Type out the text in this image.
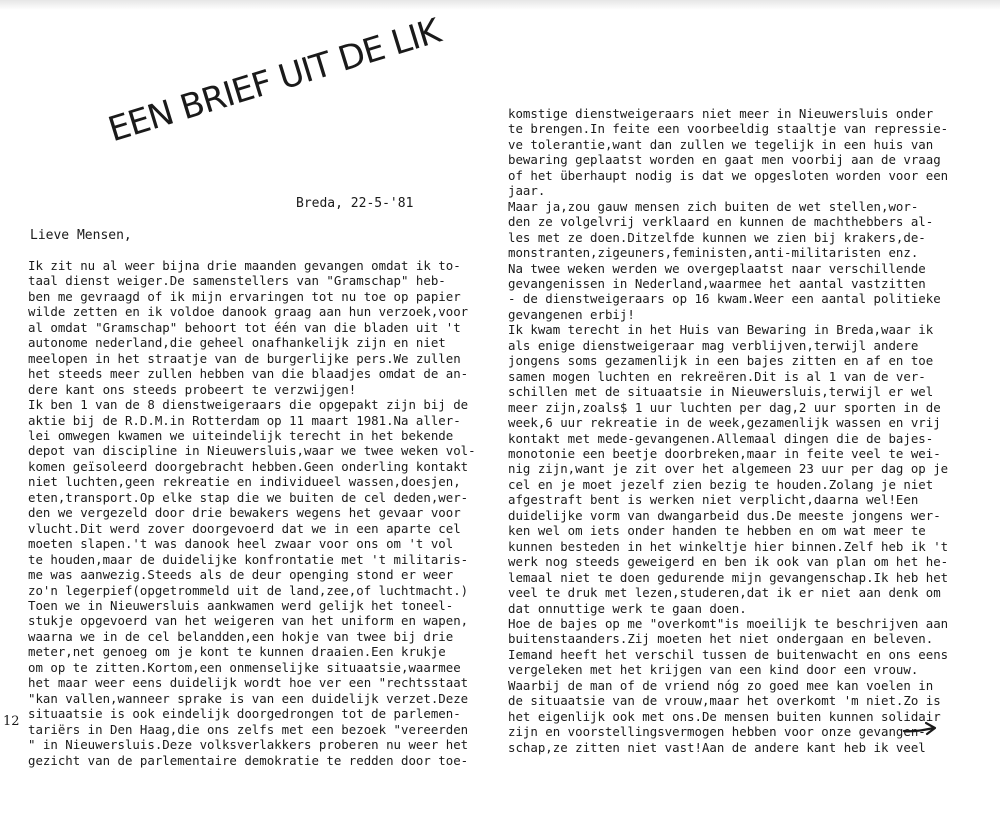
EEN BRIEF UIT DE LIK
Breda, 22-5-'81
Lieve Mensen,
Ik zit nu al weer bijna drie maanden gevangen omdat ik to-
taal dienst weiger.De samenstellers van "Gramschap" heb-
ben me gevraagd of ik mijn ervaringen tot nu toe op papier
wilde zetten en ik voldoe danook graag aan hun verzoek,voor
al omdat "Gramschap" behoort tot één van die bladen uit 't
autonome nederland,die geheel onafhankelijk zijn en niet
meelopen in het straatje van de burgerlijke pers.We zullen
het steeds meer zullen hebben van die blaadjes omdat de an-
dere kant ons steeds probeert te verzwijgen!
Ik ben 1 van de 8 dienstweigeraars die opgepakt zijn bij de
aktie bij de R.D.M.in Rotterdam op 11 maart 1981.Na aller-
lei omwegen kwamen we uiteindelijk terecht in het bekende
depot van discipline in Nieuwersluis,waar we twee weken vol-
komen geïsoleerd doorgebracht hebben.Geen onderling kontakt
niet luchten,geen rekreatie en individueel wassen,doesjen,
eten,transport.Op elke stap die we buiten de cel deden,wer-
den we vergezeld door drie bewakers wegens het gevaar voor
vlucht.Dit werd zover doorgevoerd dat we in een aparte cel
moeten slapen.'t was danook heel zwaar voor ons om 't vol
te houden,maar de duidelijke konfrontatie met 't militaris-
me was aanwezig.Steeds als de deur openging stond er weer
zo'n legerpief(opgetrommeld uit de land,zee,of luchtmacht.)
Toen we in Nieuwersluis aankwamen werd gelijk het toneel-
stukje opgevoerd van het weigeren van het uniform en wapen,
waarna we in de cel belandden,een hokje van twee bij drie
meter,net genoeg om je kont te kunnen draaien.Een krukje
om op te zitten.Kortom,een onmenselijke situaatsie,waarmee
het maar weer eens duidelijk wordt hoe ver een "rechtsstaat
"kan vallen,wanneer sprake is van een duidelijk verzet.Deze
situaatsie is ook eindelijk doorgedrongen tot de parlemen-
tariërs in Den Haag,die ons zelfs met een bezoek "vereerden
" in Nieuwersluis.Deze volksverlakkers proberen nu weer het
gezicht van de parlementaire demokratie te redden door toe-
komstige dienstweigeraars niet meer in Nieuwersluis onder
te brengen.In feite een voorbeeldig staaltje van repressie-
ve tolerantie,want dan zullen we tegelijk in een huis van
bewaring geplaatst worden en gaat men voorbij aan de vraag
of het überhaupt nodig is dat we opgesloten worden voor een
jaar.
Maar ja,zou gauw mensen zich buiten de wet stellen,wor-
den ze volgelvrij verklaard en kunnen de machthebbers al-
les met ze doen.Ditzelfde kunnen we zien bij krakers,de-
monstranten,zigeuners,feministen,anti-militaristen enz.
Na twee weken werden we overgeplaatst naar verschillende
gevangenissen in Nederland,waarmee het aantal vastzitten
- de dienstweigeraars op 16 kwam.Weer een aantal politieke
gevangenen erbij!
Ik kwam terecht in het Huis van Bewaring in Breda,waar ik
als enige dienstweigeraar mag verblijven,terwijl andere
jongens soms gezamenlijk in een bajes zitten en af en toe
samen mogen luchten en rekreëren.Dit is al 1 van de ver-
schillen met de situaatsie in Nieuwersluis,terwijl er wel
meer zijn,zoals$ 1 uur luchten per dag,2 uur sporten in de
week,6 uur rekreatie in de week,gezamenlijk wassen en vrij
kontakt met mede-gevangenen.Allemaal dingen die de bajes-
monotonie een beetje doorbreken,maar in feite veel te wei-
nig zijn,want je zit over het algemeen 23 uur per dag op je
cel en je moet jezelf zien bezig te houden.Zolang je niet
afgestraft bent is werken niet verplicht,daarna wel!Een
duidelijke vorm van dwangarbeid dus.De meeste jongens wer-
ken wel om iets onder handen te hebben en om wat meer te
kunnen besteden in het winkeltje hier binnen.Zelf heb ik 't
werk nog steeds geweigerd en ben ik ook van plan om het he-
lemaal niet te doen gedurende mijn gevangenschap.Ik heb het
veel te druk met lezen,studeren,dat ik er niet aan denk om
dat onnuttige werk te gaan doen.
Hoe de bajes op me "overkomt"is moeilijk te beschrijven aan
buitenstaanders.Zij moeten het niet ondergaan en beleven.
Iemand heeft het verschil tussen de buitenwacht en ons eens
vergeleken met het krijgen van een kind door een vrouw.
Waarbij de man of de vriend nóg zo goed mee kan voelen in
de situaatsie van de vrouw,maar het overkomt 'm niet.Zo is
het eigenlijk ook met ons.De mensen buiten kunnen solidair
zijn en voorstellingsvermogen hebben voor onze gevangen-
schap,ze zitten niet vast!Aan de andere kant heb ik veel
12
